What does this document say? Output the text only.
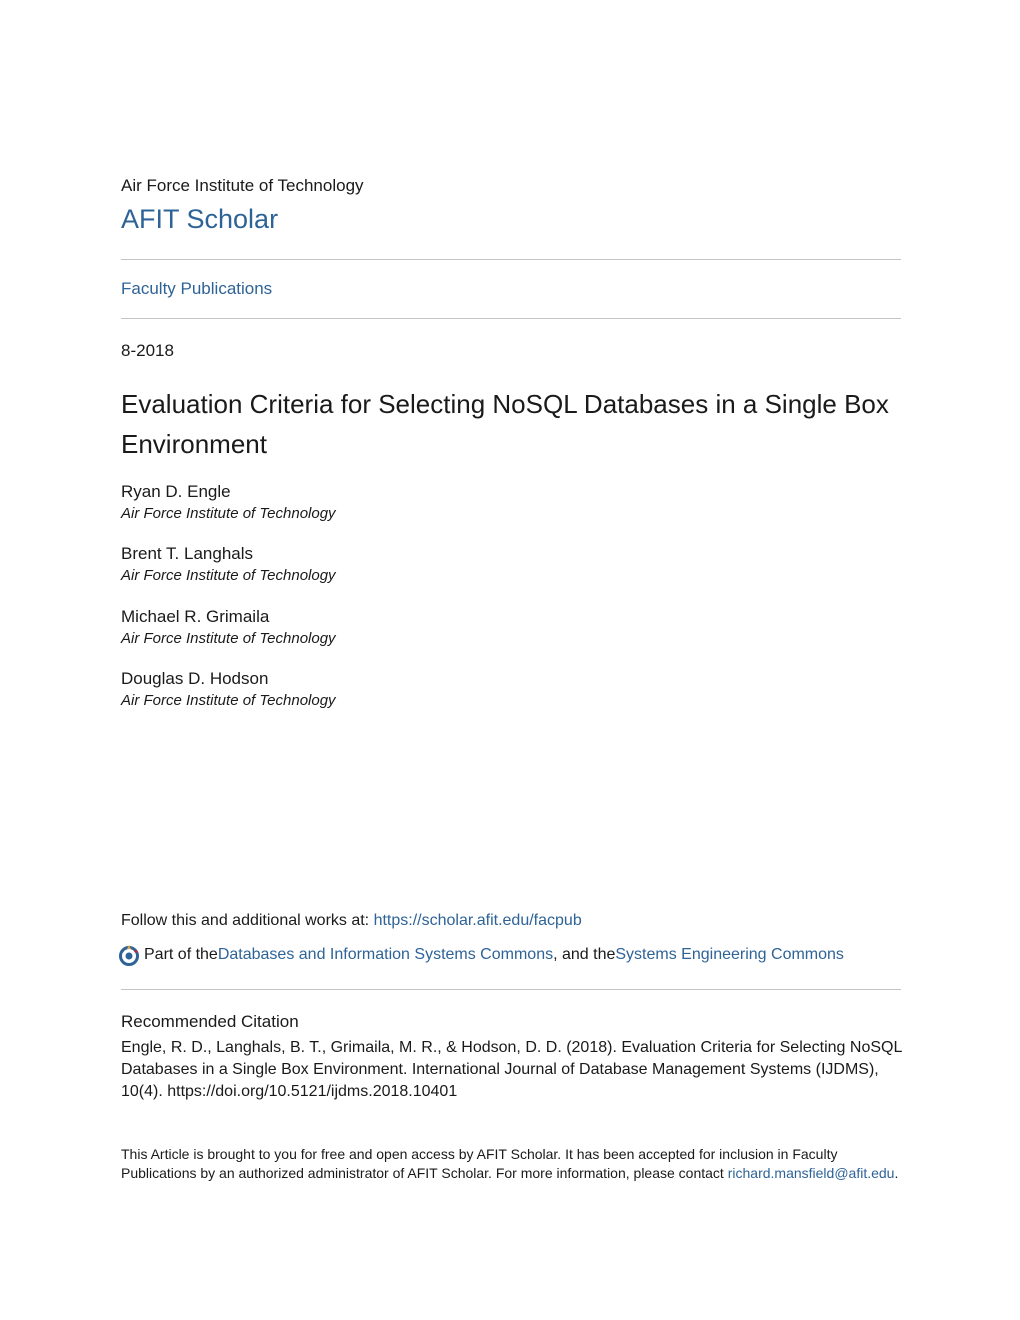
Air Force Institute of Technology
AFIT Scholar
Faculty Publications
8-2018
Evaluation Criteria for Selecting NoSQL Databases in a Single Box Environment
Ryan D. Engle
Air Force Institute of Technology
Brent T. Langhals
Air Force Institute of Technology
Michael R. Grimaila
Air Force Institute of Technology
Douglas D. Hodson
Air Force Institute of Technology
Follow this and additional works at: https://scholar.afit.edu/facpub
Part of the Databases and Information Systems Commons , and the Systems Engineering Commons
Recommended Citation
Engle, R. D., Langhals, B. T., Grimaila, M. R., & Hodson, D. D. (2018). Evaluation Criteria for Selecting NoSQL Databases in a Single Box Environment. International Journal of Database Management Systems (IJDMS), 10(4). https://doi.org/10.5121/ijdms.2018.10401
This Article is brought to you for free and open access by AFIT Scholar. It has been accepted for inclusion in Faculty Publications by an authorized administrator of AFIT Scholar. For more information, please contact richard.mansfield@afit.edu.
